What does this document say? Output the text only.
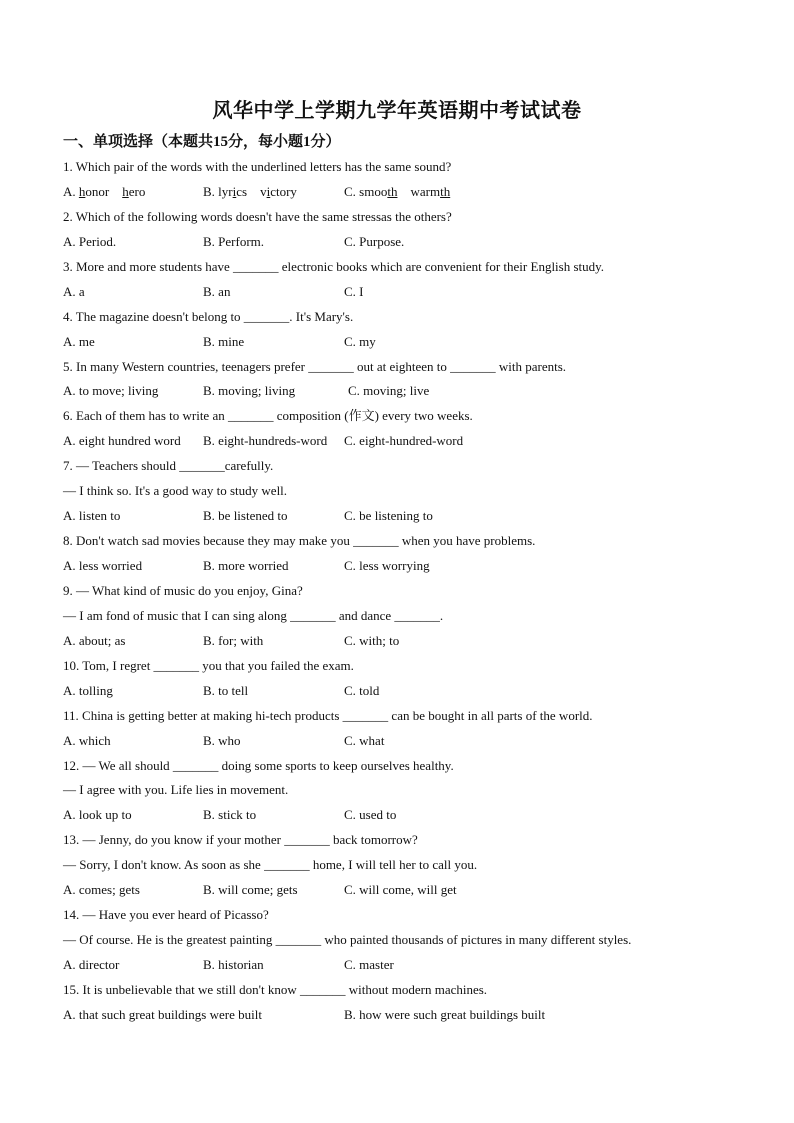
风华中学上学期九学年英语期中考试试卷
一、单项选择（本题共15分，每小题1分）
1. Which pair of the words with the underlined letters has the same sound?
A. honor hero	B. lyrics victory	C. smooth warmth
2. Which of the following words doesn't have the same stressas the others?
A. Period.	B. Perform.	C. Purpose.
3. More and more students have _______ electronic books which are convenient for their English study.
A. a	B. an	C. I
4. The magazine doesn't belong to _______. It's Mary's.
A. me	B. mine	C. my
5. In many Western countries, teenagers prefer _______ out at eighteen to _______ with parents.
A. to move; living	B. moving; living	C. moving; live
6. Each of them has to write an _______ composition (作文) every two weeks.
A. eight hundred word B. eight-hundreds-word C. eight-hundred-word
7. — Teachers should _______carefully.
— I think so. It's a good way to study well.
A. listen to	B. be listened to	C. be listening to
8. Don't watch sad movies because they may make you _______ when you have problems.
A. less worried	B. more worried	C. less worrying
9. — What kind of music do you enjoy, Gina?
— I am fond of music that I can sing along _______ and dance _______.
A. about; as	B. for; with	C. with; to
10. Tom, I regret _______ you that you failed the exam.
A. tolling	B. to tell	C. told
11. China is getting better at making hi-tech products _______ can be bought in all parts of the world.
A. which	B. who	C. what
12. — We all should _______ doing some sports to keep ourselves healthy.
— I agree with you. Life lies in movement.
A. look up to	B. stick to	C. used to
13. — Jenny, do you know if your mother _______ back tomorrow?
— Sorry, I don't know. As soon as she _______ home, I will tell her to call you.
A. comes; gets	B. will come; gets	C. will come, will get
14. — Have you ever heard of Picasso?
— Of course. He is the greatest painting _______ who painted thousands of pictures in many different styles.
A. director	B. historian	C. master
15. It is unbelievable that we still don't know _______ without modern machines.
A. that such great buildings were built	B. how were such great buildings built
